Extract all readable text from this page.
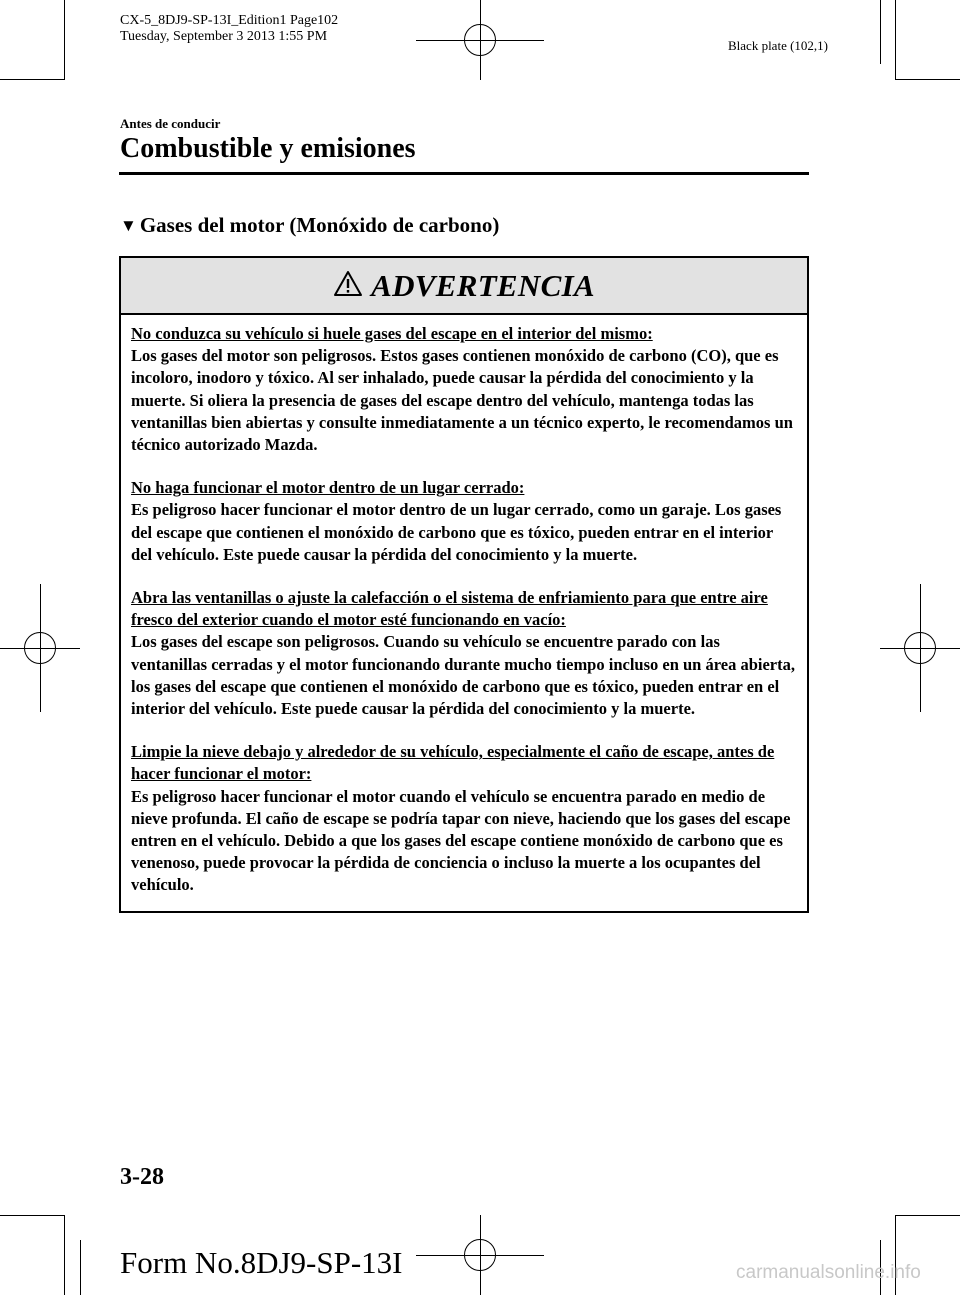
CX-5_8DJ9-SP-13I_Edition1 Page102
Tuesday, September 3 2013 1:55 PM
Black plate (102,1)
Antes de conducir
Combustible y emisiones
▼ Gases del motor (Monóxido de carbono)
ADVERTENCIA

No conduzca su vehículo si huele gases del escape en el interior del mismo:
Los gases del motor son peligrosos. Estos gases contienen monóxido de carbono (CO), que es incoloro, inodoro y tóxico. Al ser inhalado, puede causar la pérdida del conocimiento y la muerte. Si oliera la presencia de gases del escape dentro del vehículo, mantenga todas las ventanillas bien abiertas y consulte inmediatamente a un técnico experto, le recomendamos un técnico autorizado Mazda.

No haga funcionar el motor dentro de un lugar cerrado:
Es peligroso hacer funcionar el motor dentro de un lugar cerrado, como un garaje. Los gases del escape que contienen el monóxido de carbono que es tóxico, pueden entrar en el interior del vehículo. Este puede causar la pérdida del conocimiento y la muerte.

Abra las ventanillas o ajuste la calefacción o el sistema de enfriamiento para que entre aire fresco del exterior cuando el motor esté funcionando en vacío:
Los gases del escape son peligrosos. Cuando su vehículo se encuentre parado con las ventanillas cerradas y el motor funcionando durante mucho tiempo incluso en un área abierta, los gases del escape que contienen el monóxido de carbono que es tóxico, pueden entrar en el interior del vehículo. Este puede causar la pérdida del conocimiento y la muerte.

Limpie la nieve debajo y alrededor de su vehículo, especialmente el caño de escape, antes de hacer funcionar el motor:
Es peligroso hacer funcionar el motor cuando el vehículo se encuentra parado en medio de nieve profunda. El caño de escape se podría tapar con nieve, haciendo que los gases del escape entren en el vehículo. Debido a que los gases del escape contiene monóxido de carbono que es venenoso, puede provocar la pérdida de conciencia o incluso la muerte a los ocupantes del vehículo.

3-28
Form No.8DJ9-SP-13I	carmanualsonline.info
